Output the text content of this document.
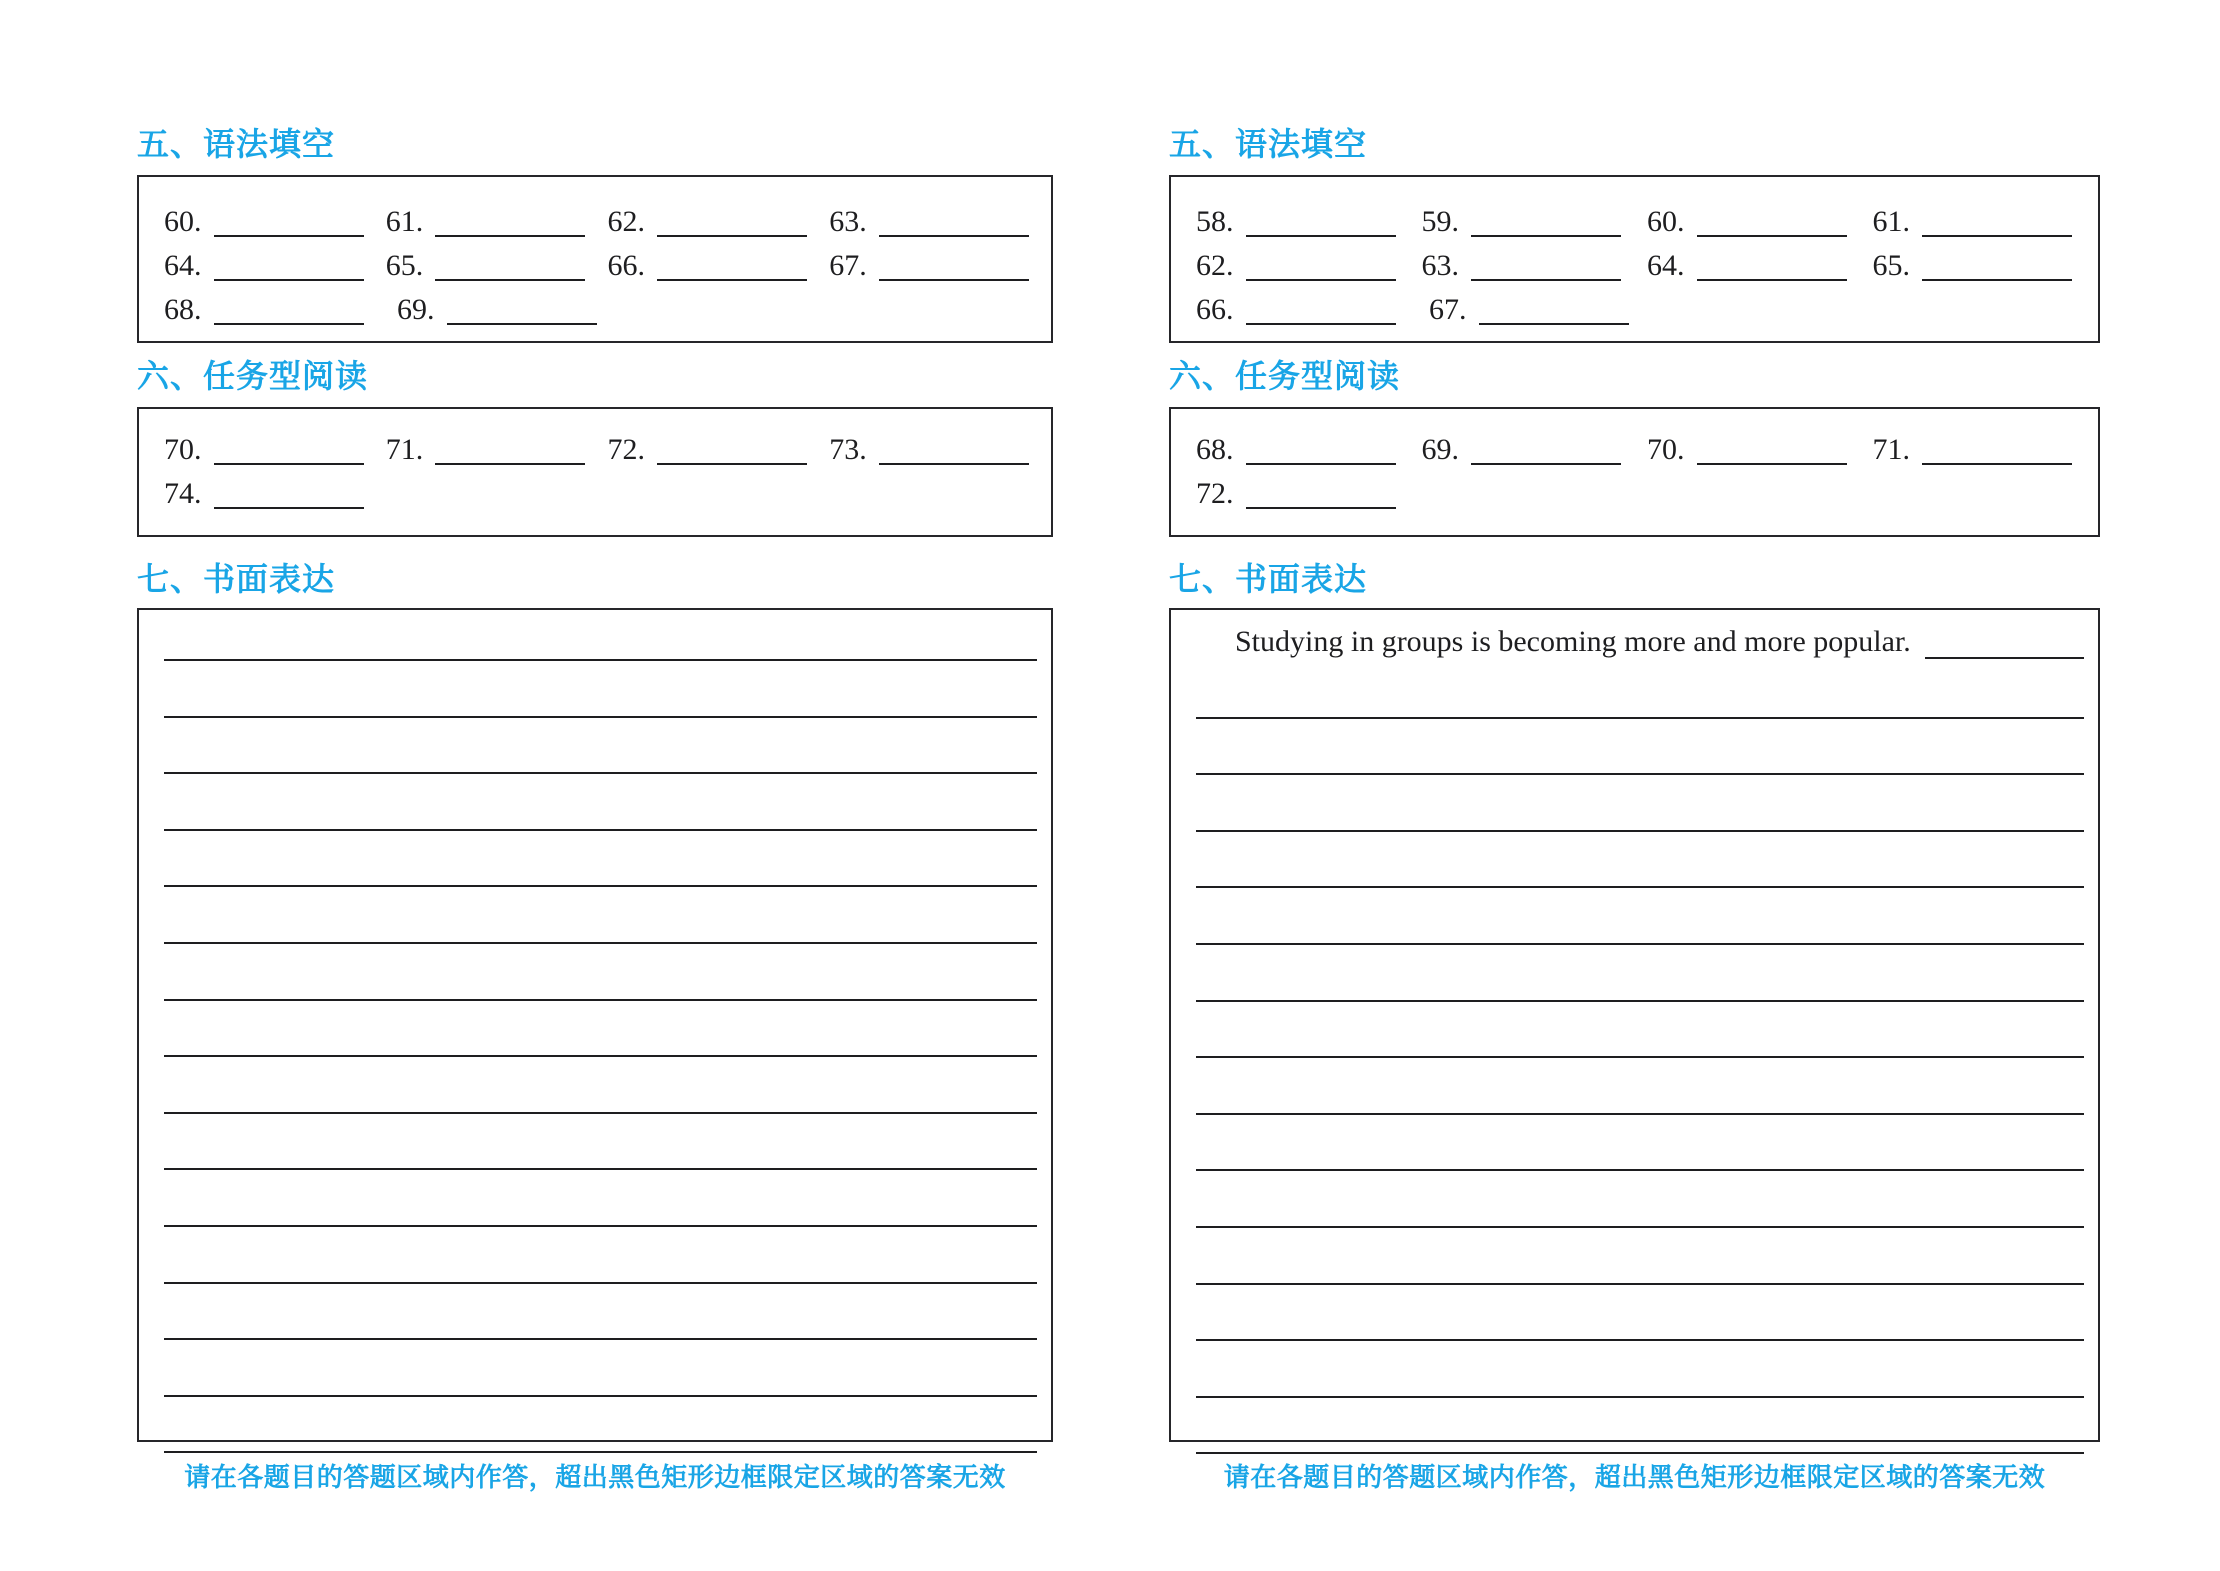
五、语法填空
60.	61.	62.	63.
64.	65.	66.	67.
68.	69.
六、任务型阅读
70.	71.	72.	73.
74.
七、书面表达
请在各题目的答题区域内作答，超出黑色矩形边框限定区域的答案无效
五、语法填空
58.	59.	60.	61.
62.	63.	64.	65.
66.	67.
六、任务型阅读
68.	69.	70.	71.
72.
七、书面表达
Studying in groups is becoming more and more popular.
请在各题目的答题区域内作答，超出黑色矩形边框限定区域的答案无效
